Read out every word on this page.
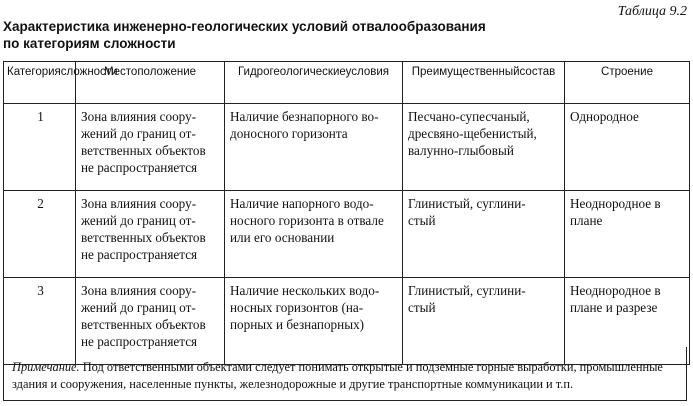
Таблица 9.2
Характеристика инженерно-геологических условий отвалообразования
по категориям сложности
Категориясложности	Местоположение	Гидрогеологическиеусловия	Преимущественныйсостав	Строение
1	Зона влияния соору-
жений до границ от-
ветственных объектов
не распространяется	Наличие безнапорного во-
доносного горизонта	Песчано-супесчаный,
дресвяно-щебенистый,
валунно-глыбовый	Однородное

2	Зона влияния соору-
жений до границ от-
ветственных объектов
не распространяется	Наличие напорного водо-
носного горизонта в отвале
или его основании	Глинистый, суглини-
стый	Неоднородное в
плане

3	Зона влияния соору-
жений до границ от-
ветственных объектов
не распространяется	Наличие нескольких водо-
носных горизонтов (на-
порных и безнапорных)	Глинистый, суглини-
стый	Неоднородное в
плане и разрезе
Примечание. Под ответственными объектами следует понимать открытые и подземные горные выработки, промышленные
здания и сооружения, населенные пункты, железнодорожные и другие транспортные коммуникации и т.п.
